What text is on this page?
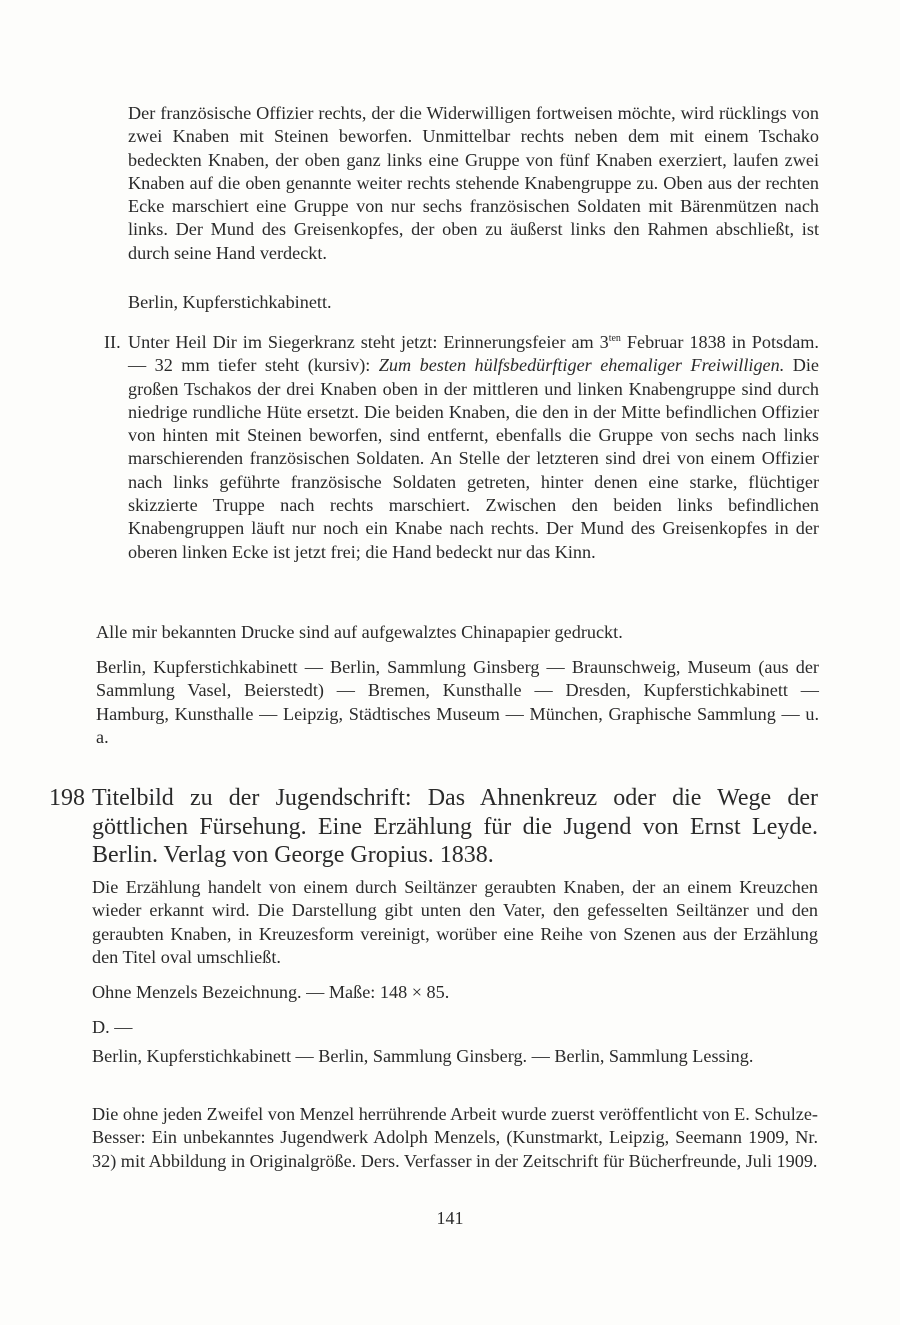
Der französische Offizier rechts, der die Widerwilligen fortweisen möchte, wird rücklings von zwei Knaben mit Steinen beworfen. Unmittelbar rechts neben dem mit einem Tschako bedeckten Knaben, der oben ganz links eine Gruppe von fünf Knaben exerziert, laufen zwei Knaben auf die oben genannte weiter rechts stehende Knabengruppe zu. Oben aus der rechten Ecke marschiert eine Gruppe von nur sechs französischen Soldaten mit Bärenmützen nach links. Der Mund des Greisenkopfes, der oben zu äußerst links den Rahmen abschließt, ist durch seine Hand verdeckt.

Berlin, Kupferstichkabinett.

II. Unter Heil Dir im Siegerkranz steht jetzt: Erinnerungsfeier am $3^{ten}$ Februar 1838 in Potsdam. — 32 mm tiefer steht (kursiv): Zum besten hülfsbedürftiger ehemaliger Freiwilligen. Die großen Tschakos der drei Knaben oben in der mittleren und linken Knabengruppe sind durch niedrige rundliche Hüte ersetzt. Die beiden Knaben, die den in der Mitte befindlichen Offizier von hinten mit Steinen beworfen, sind entfernt, ebenfalls die Gruppe von sechs nach links marschierenden französischen Soldaten. An Stelle der letzteren sind drei von einem Offizier nach links geführte französische Soldaten getreten, hinter denen eine starke, flüchtiger skizzierte Truppe nach rechts marschiert. Zwischen den beiden links befindlichen Knabengruppen läuft nur noch ein Knabe nach rechts. Der Mund des Greisenkopfes in der oberen linken Ecke ist jetzt frei; die Hand bedeckt nur das Kinn.

Alle mir bekannten Drucke sind auf aufgewalztes Chinapapier gedruckt.

Berlin, Kupferstichkabinett — Berlin, Sammlung Ginsberg — Braunschweig, Museum (aus der Sammlung Vasel, Beierstedt) — Bremen, Kunsthalle — Dresden, Kupferstichkabinett — Hamburg, Kunsthalle — Leipzig, Städtisches Museum — München, Graphische Sammlung — u. a.

198 Titelbild zu der Jugendschrift: Das Ahnenkreuz oder die Wege der göttlichen Fürsehung. Eine Erzählung für die Jugend von Ernst Leyde. Berlin. Verlag von George Gropius. 1838.

Die Erzählung handelt von einem durch Seiltänzer geraubten Knaben, der an einem Kreuzchen wieder erkannt wird. Die Darstellung gibt unten den Vater, den gefesselten Seiltänzer und den geraubten Knaben, in Kreuzesform vereinigt, worüber eine Reihe von Szenen aus der Erzählung den Titel oval umschließt.

Ohne Menzels Bezeichnung. — Maße: 148 × 85.

D. —

Berlin, Kupferstichkabinett — Berlin, Sammlung Ginsberg. — Berlin, Sammlung Lessing.

Die ohne jeden Zweifel von Menzel herrührende Arbeit wurde zuerst veröffentlicht von E. Schulze-Besser: Ein unbekanntes Jugendwerk Adolph Menzels, (Kunstmarkt, Leipzig, Seemann 1909, Nr. 32) mit Abbildung in Originalgröße. Ders. Verfasser in der Zeitschrift für Bücherfreunde, Juli 1909.

141
